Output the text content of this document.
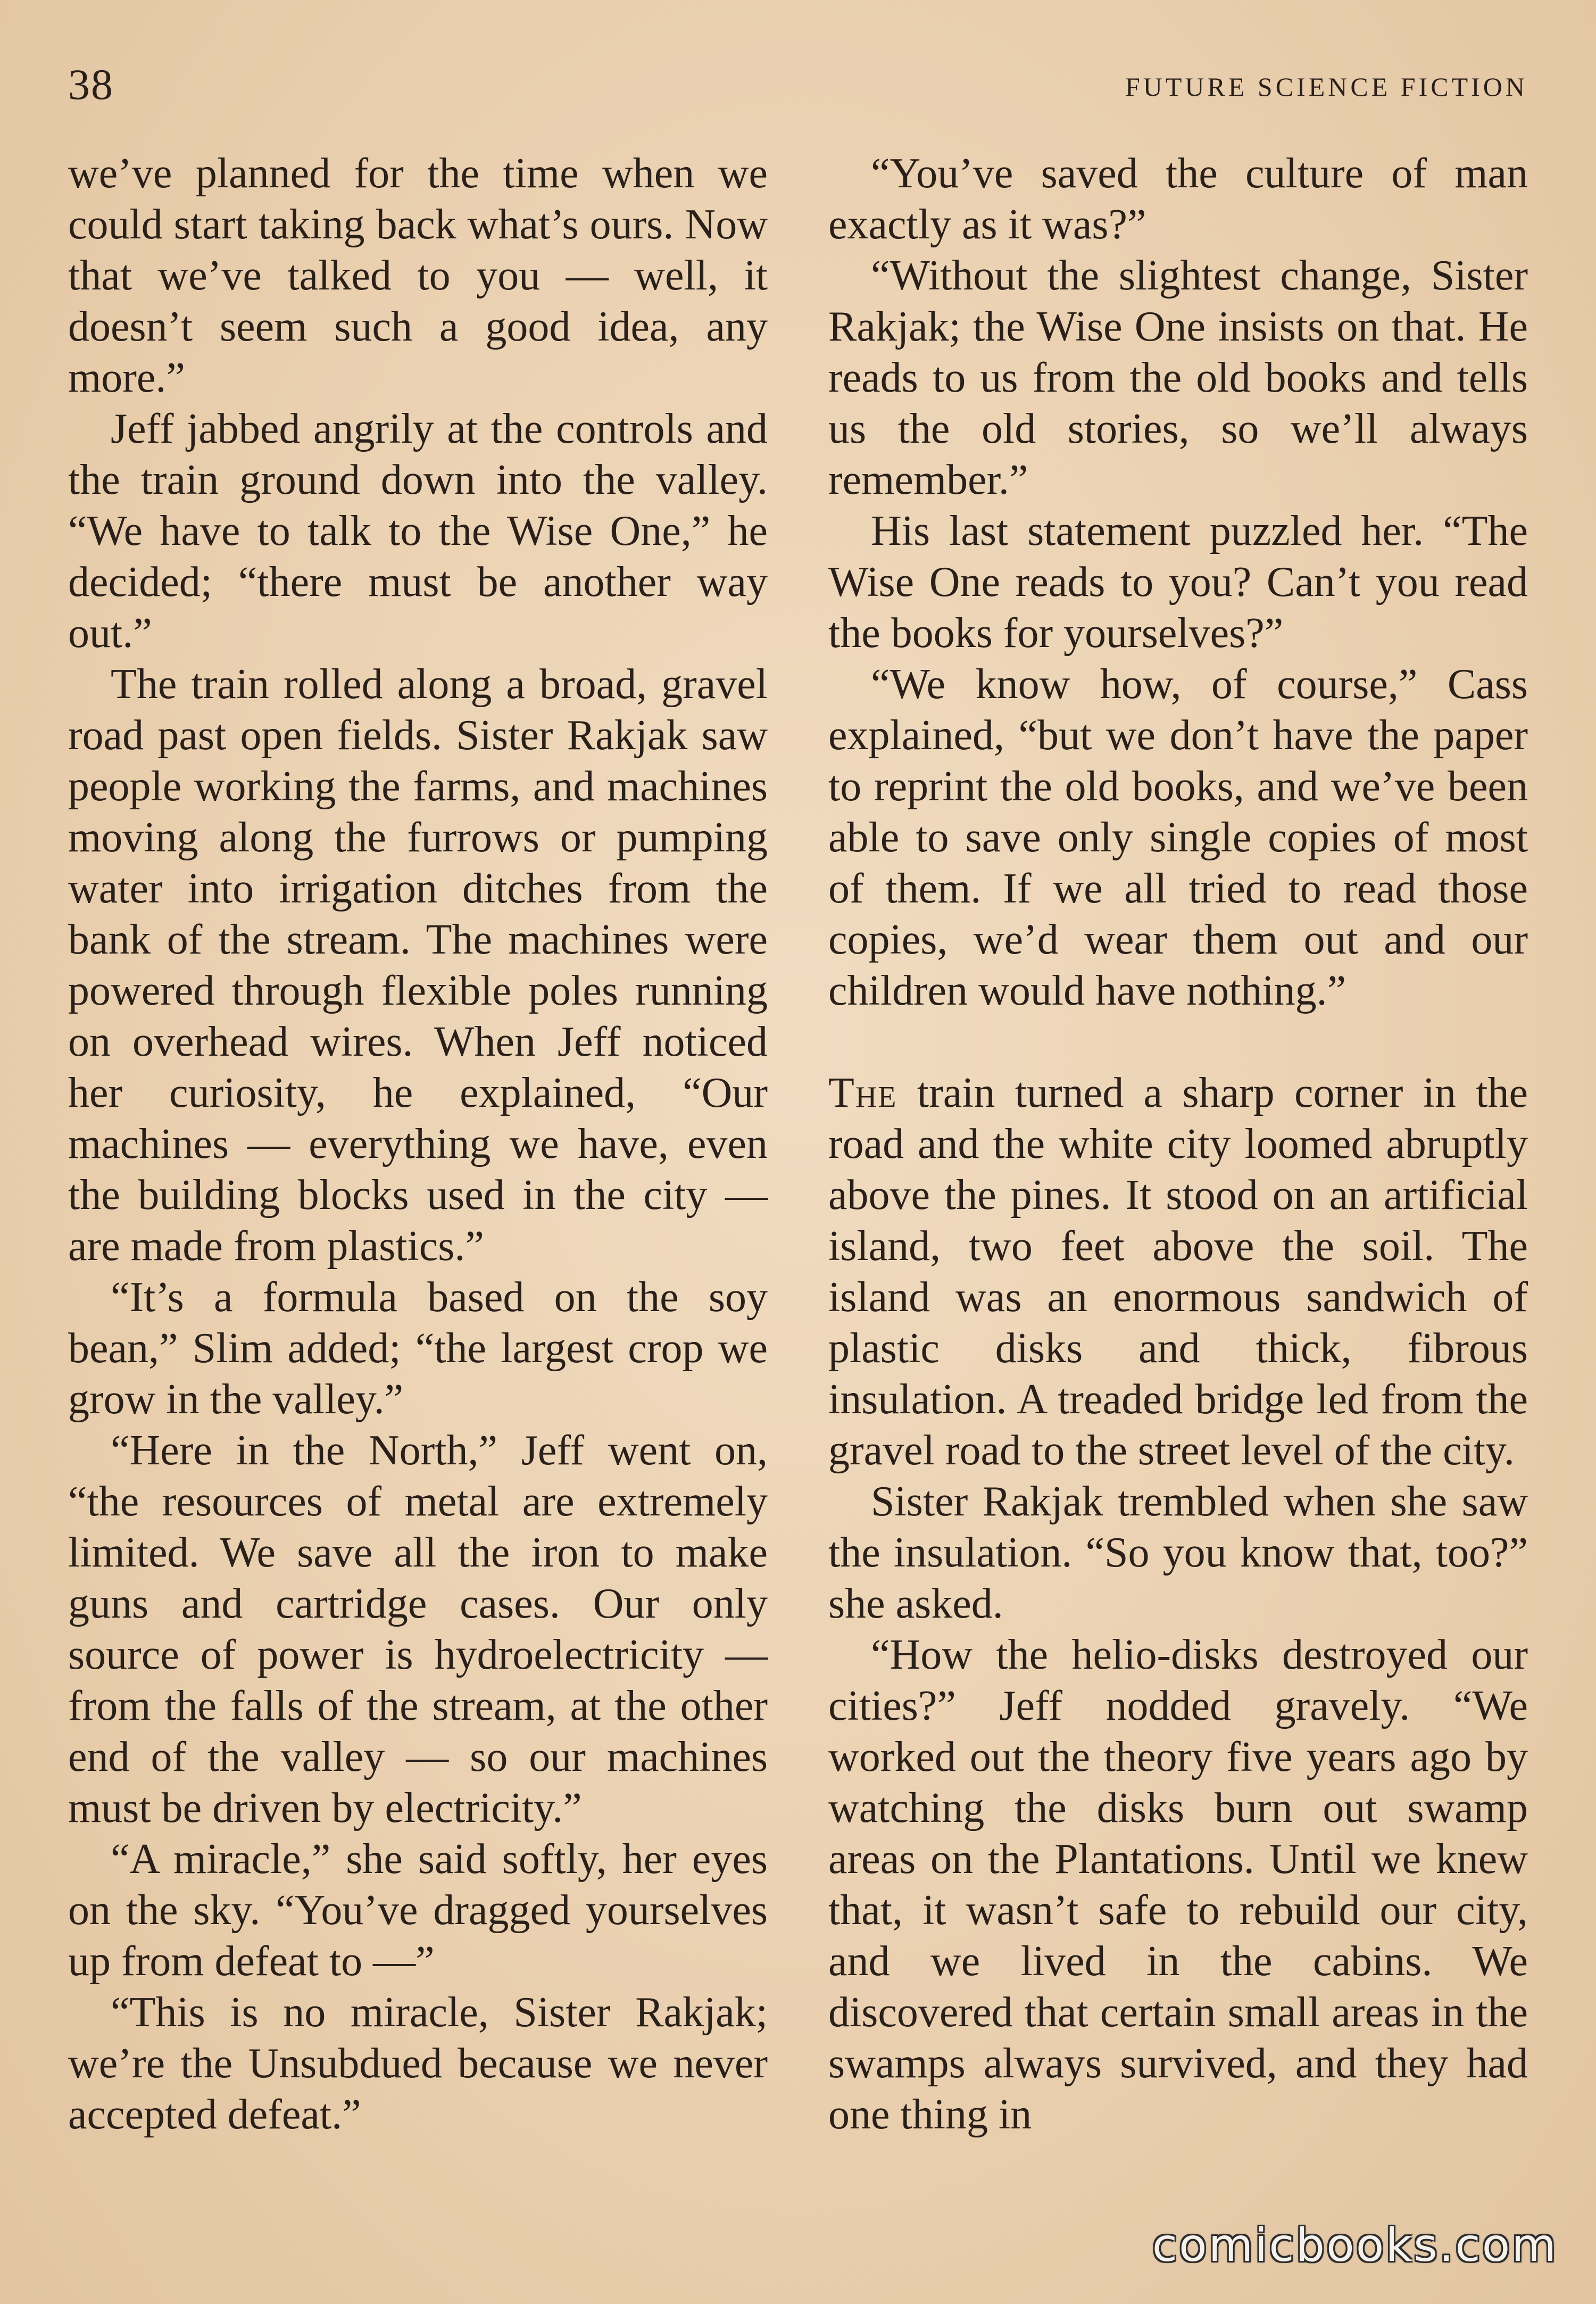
38	FUTURE SCIENCE FICTION

we’ve planned for the time when we could start taking back what’s ours. Now that we’ve talked to you — well, it doesn’t seem such a good idea, any more.”

Jeff jabbed angrily at the controls and the train ground down into the valley. “We have to talk to the Wise One,” he decided; “there must be another way out.”

The train rolled along a broad, gravel road past open fields. Sister Rakjak saw people working the farms, and machines moving along the furrows or pumping water into irrigation ditches from the bank of the stream. The machines were powered through flexible poles running on overhead wires. When Jeff noticed her curiosity, he explained, “Our machines — everything we have, even the building blocks used in the city — are made from plastics.”

“It’s a formula based on the soy bean,” Slim added; “the largest crop we grow in the valley.”

“Here in the North,” Jeff went on, “the resources of metal are extremely limited. We save all the iron to make guns and cartridge cases. Our only source of power is hydroelectricity — from the falls of the stream, at the other end of the valley — so our machines must be driven by electricity.”

“A miracle,” she said softly, her eyes on the sky. “You’ve dragged yourselves up from defeat to —”

“This is no miracle, Sister Rakjak; we’re the Unsubdued because we never accepted defeat.”

“You’ve saved the culture of man exactly as it was?”

“Without the slightest change, Sister Rakjak; the Wise One insists on that. He reads to us from the old books and tells us the old stories, so we’ll always remember.”

His last statement puzzled her. “The Wise One reads to you? Can’t you read the books for yourselves?”

“We know how, of course,” Cass explained, “but we don’t have the paper to reprint the old books, and we’ve been able to save only single copies of most of them. If we all tried to read those copies, we’d wear them out and our children would have nothing.”

The train turned a sharp corner in the road and the white city loomed abruptly above the pines. It stood on an artificial island, two feet above the soil. The island was an enormous sandwich of plastic disks and thick, fibrous insulation. A treaded bridge led from the gravel road to the street level of the city.

Sister Rakjak trembled when she saw the insulation. “So you know that, too?” she asked.

“How the helio-disks destroyed our cities?” Jeff nodded gravely. “We worked out the theory five years ago by watching the disks burn out swamp areas on the Plantations. Until we knew that, it wasn’t safe to rebuild our city, and we lived in the cabins. We discovered that certain small areas in the swamps always survived, and they had one thing in

comicbooks.com
